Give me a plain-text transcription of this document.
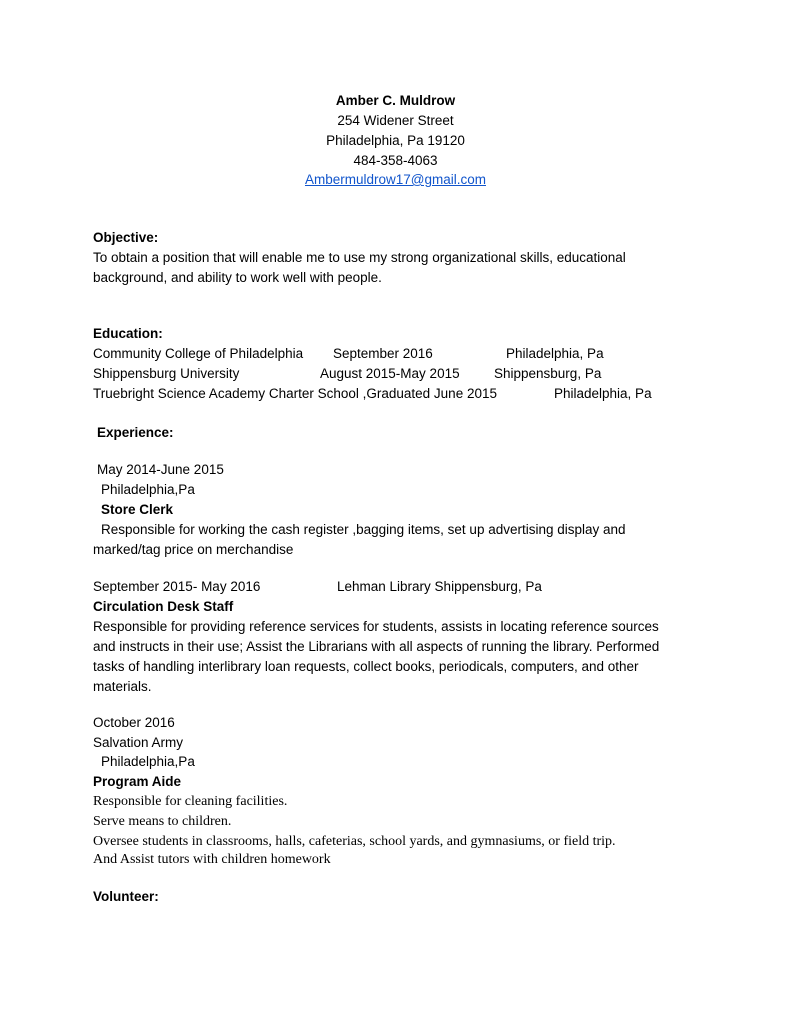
Amber C. Muldrow
254 Widener Street
Philadelphia, Pa 19120
484-358-4063
Ambermuldrow17@gmail.com
Objective:
To obtain a position that will enable me to use my strong organizational skills, educational
background, and ability to work well with people.
Education:
Community College of Philadelphia September 2016	Philadelphia, Pa
Shippensburg University	August 2015-May 2015	Shippensburg, Pa
Truebright Science Academy Charter School ,Graduated June 2015	Philadelphia, Pa
Experience:
May 2014-June 2015
Philadelphia,Pa
Store Clerk
Responsible for working the cash register ,bagging items, set up advertising display and
marked/tag price on merchandise
September 2015- May 2016	Lehman Library Shippensburg, Pa
Circulation Desk Staff
Responsible for providing reference services for students, assists in locating reference sources
and instructs in their use; Assist the Librarians with all aspects of running the library. Performed
tasks of handling interlibrary loan requests, collect books, periodicals, computers, and other
materials.
October 2016
Salvation Army
Philadelphia,Pa
Program Aide
Responsible for cleaning facilities.
Serve means to children.
Oversee students in classrooms, halls, cafeterias, school yards, and gymnasiums, or field trip.
And Assist tutors with children homework
Volunteer:
